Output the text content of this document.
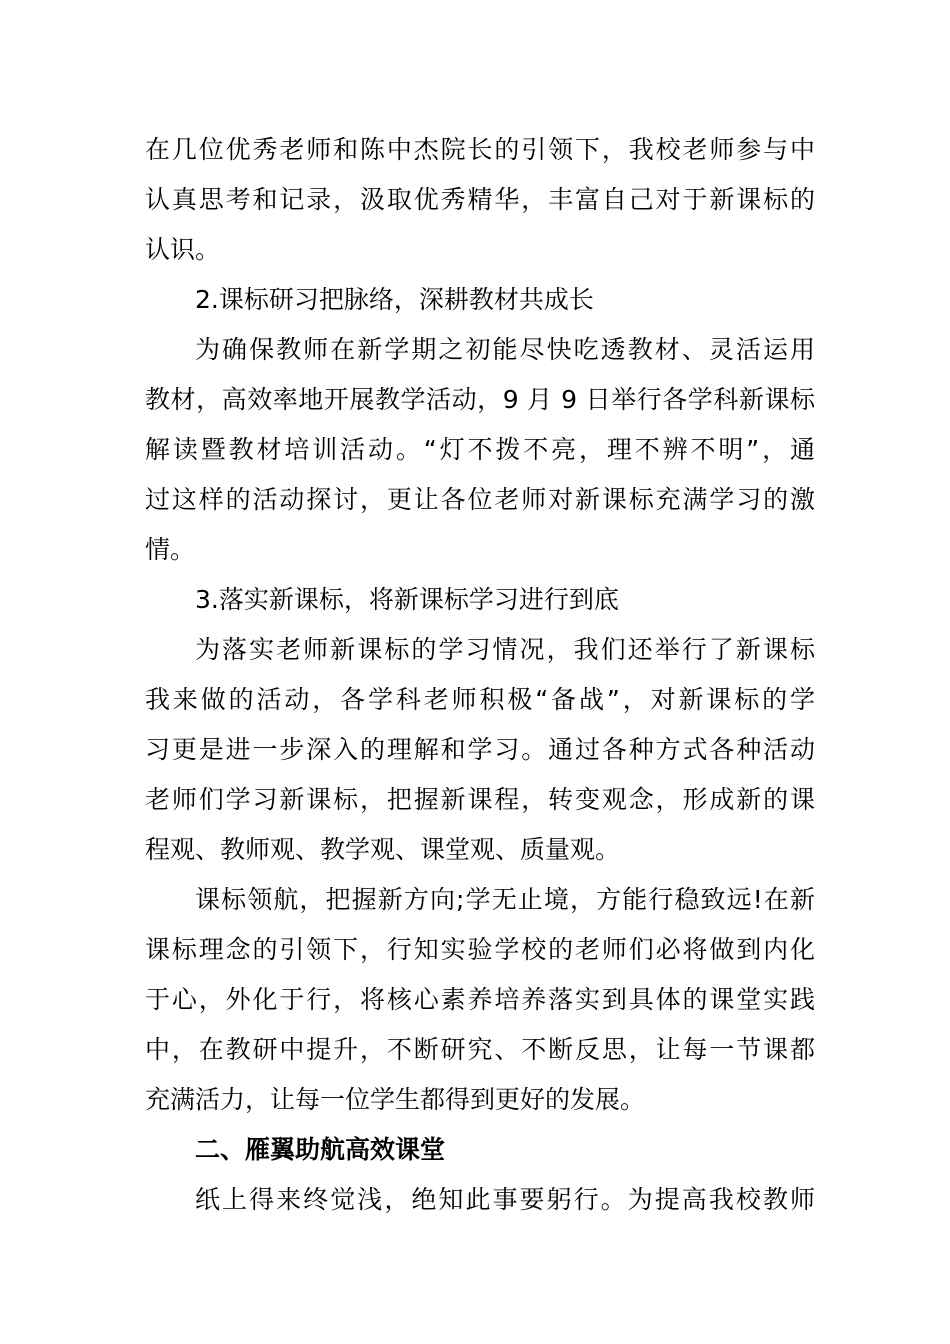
在几位优秀老师和陈中杰院长的引领下，我校老师参与中
认真思考和记录，汲取优秀精华，丰富自己对于新课标的
认识。
2.课标研习把脉络，深耕教材共成长
为确保教师在新学期之初能尽快吃透教材、灵活运用
教材，高效率地开展教学活动，9 月 9 日举行各学科新课标
解读暨教材培训活动。“灯不拨不亮，理不辨不明”，通
过这样的活动探讨，更让各位老师对新课标充满学习的激
情。
3.落实新课标，将新课标学习进行到底
为落实老师新课标的学习情况，我们还举行了新课标
我来做的活动，各学科老师积极“备战”，对新课标的学
习更是进一步深入的理解和学习。通过各种方式各种活动
老师们学习新课标，把握新课程，转变观念，形成新的课
程观、教师观、教学观、课堂观、质量观。
课标领航，把握新方向;学无止境，方能行稳致远!在新
课标理念的引领下，行知实验学校的老师们必将做到内化
于心，外化于行，将核心素养培养落实到具体的课堂实践
中，在教研中提升，不断研究、不断反思，让每一节课都
充满活力，让每一位学生都得到更好的发展。
二、雁翼助航高效课堂
纸上得来终觉浅，绝知此事要躬行。为提高我校教师
